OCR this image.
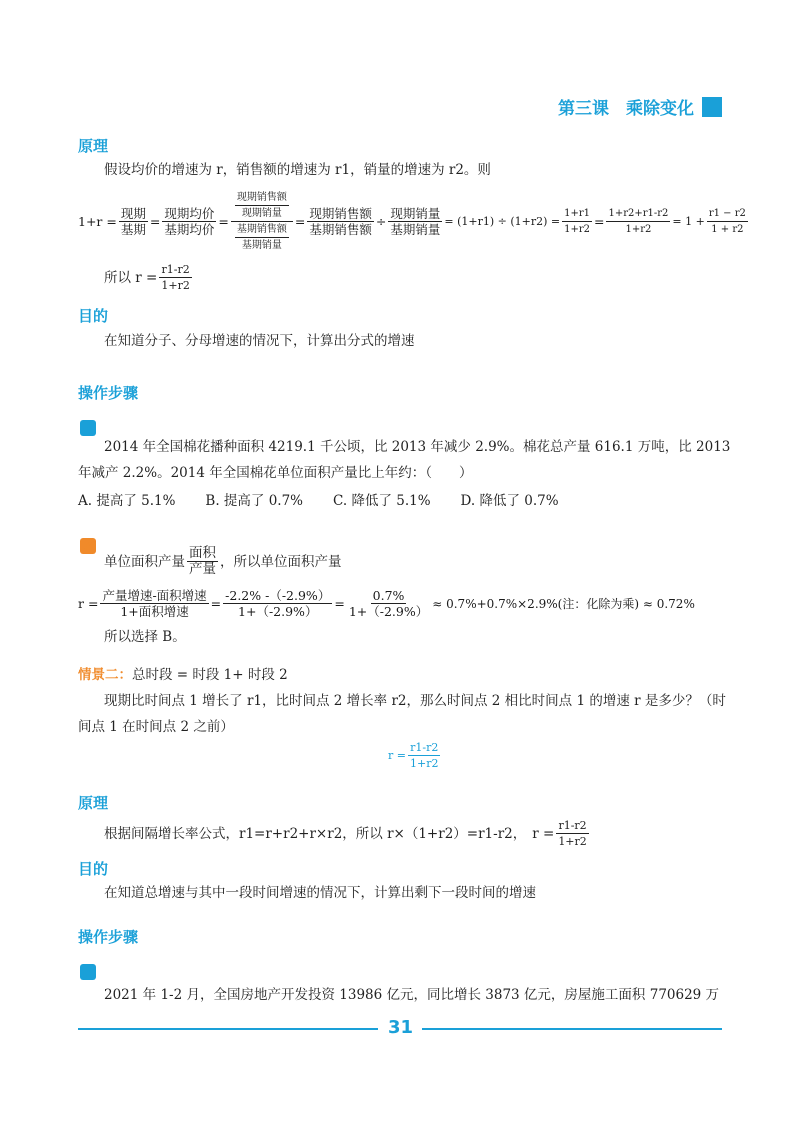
第三课　乘除变化
原理
假设均价的增速为 r，销售额的增速为 r1，销量的增速为 r2。则
$1+r = \frac{\text{现期}}{\text{基期}} = \frac{\text{现期均价}}{\text{基期均价}} = \frac{\frac{\text{现期销售额}}{\text{现期销量}}}{\frac{\text{基期销售额}}{\text{基期销量}}} = \frac{\text{现期销售额}}{\text{基期销售额}} \div \frac{\text{现期销量}}{\text{基期销量}} = (1+r1) \div (1+r2) = \frac{1+r1}{1+r2} = \frac{1+r2+r1-r2}{1+r2} = 1 + \frac{r1 - r2}{1 + r2}$
所以 $r = \frac{r1-r2}{1+r2}$
目的
在知道分子、分母增速的情况下，计算出分式的增速
操作步骤
例
2014 年全国棉花播种面积 4219.1 千公顷，比 2013 年减少 2.9%。棉花总产量 616.1 万吨，比 2013
年减产 2.2%。2014 年全国棉花单位面积产量比上年约：（　　）
A. 提高了 5.1% B. 提高了 0.7% C. 降低了 5.1% D. 降低了 0.7%
解
单位面积产量 $\frac{\text{面积}}{\text{产量}}$ ，所以单位面积产量
$r = \frac{\text{产量增速-面积增速}}{\text{1+面积增速}} = \frac{-2.2\% -(-2.9\%)}{1+(-2.9\%)} = \frac{0.7\%}{1+(-2.9\%)} \approx 0.7\%+0.7\%\times 2.9\%$(注：化除为乘) ≈ 0.72%
所以选择 B。
情景二：总时段 = 时段 1+ 时段 2
现期比时间点 1 增长了 r1，比时间点 2 增长率 r2，那么时间点 2 相比时间点 1 的增速 r 是多少？（时
间点 1 在时间点 2 之前）
$r = \frac{r1-r2}{1+r2}$
原理
根据间隔增长率公式，r1=r+r2+r×r2，所以 r×（1+r2）=r1-r2， $r = \frac{r1-r2}{1+r2}$
目的
在知道总增速与其中一段时间增速的情况下，计算出剩下一段时间的增速
操作步骤
例
2021 年 1-2 月，全国房地产开发投资 13986 亿元，同比增长 3873 亿元，房屋施工面积 770629 万
31
